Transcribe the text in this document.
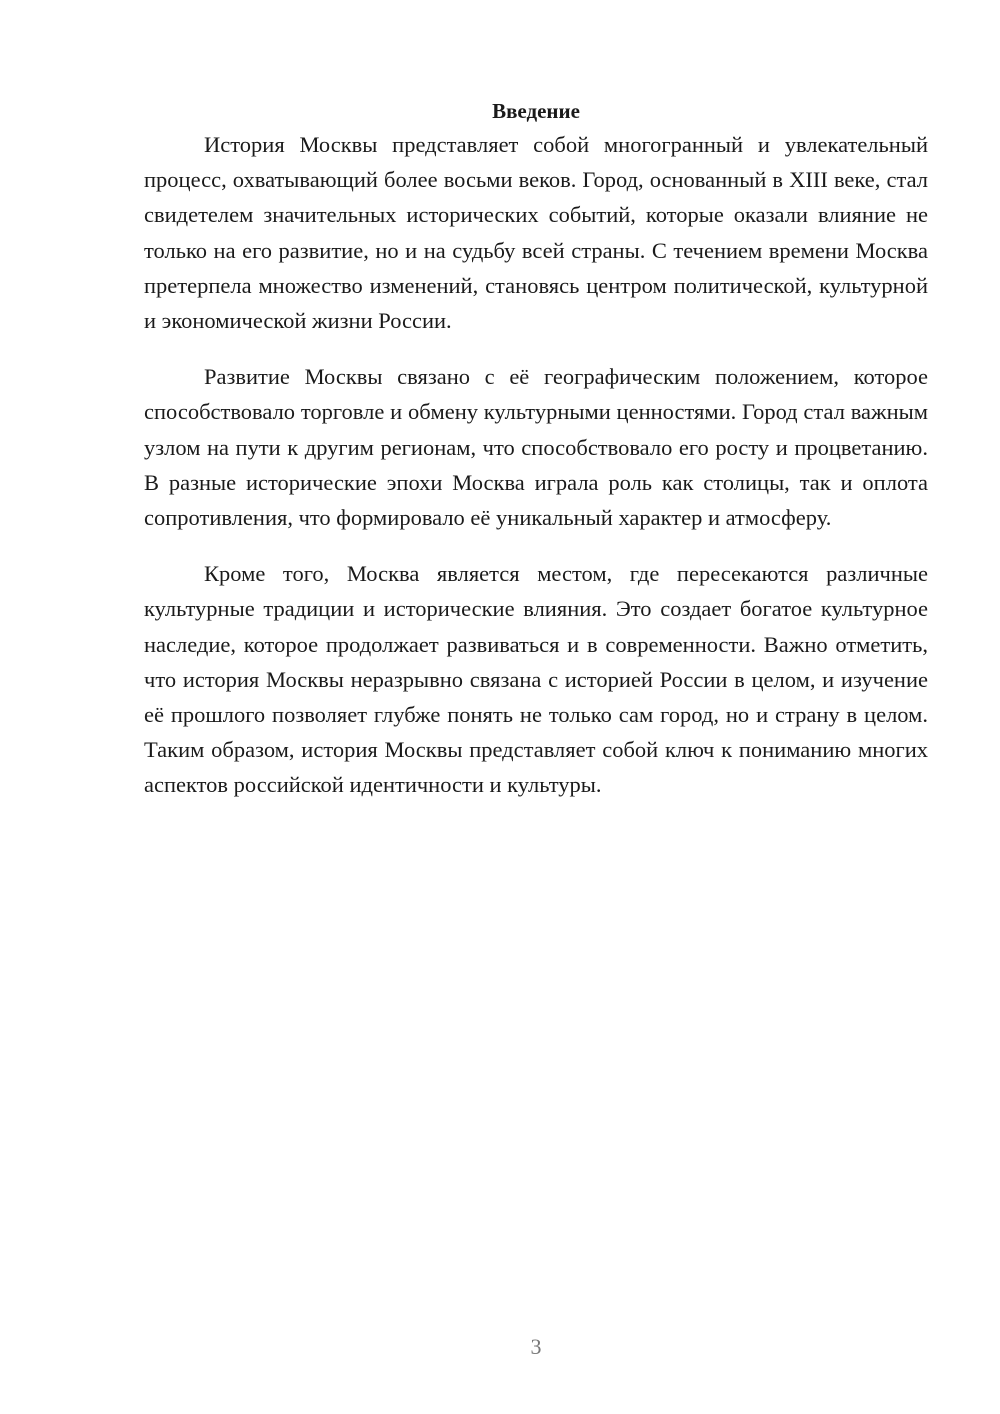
Введение

История Москвы представляет собой многогранный и увлекательный процесс, охватывающий более восьми веков. Город, основанный в XIII веке, стал свидетелем значительных исторических событий, которые оказали влияние не только на его развитие, но и на судьбу всей страны. С течением времени Москва претерпела множество изменений, становясь центром политической, культурной и экономической жизни России.

Развитие Москвы связано с её географическим положением, которое способствовало торговле и обмену культурными ценностями. Город стал важным узлом на пути к другим регионам, что способствовало его росту и процветанию. В разные исторические эпохи Москва играла роль как столицы, так и оплота сопротивления, что формировало её уникальный характер и атмосферу.

Кроме того, Москва является местом, где пересекаются различные культурные традиции и исторические влияния. Это создает богатое культурное наследие, которое продолжает развиваться и в современности. Важно отметить, что история Москвы неразрывно связана с историей России в целом, и изучение её прошлого позволяет глубже понять не только сам город, но и страну в целом. Таким образом, история Москвы представляет собой ключ к пониманию многих аспектов российской идентичности и культуры.

3
